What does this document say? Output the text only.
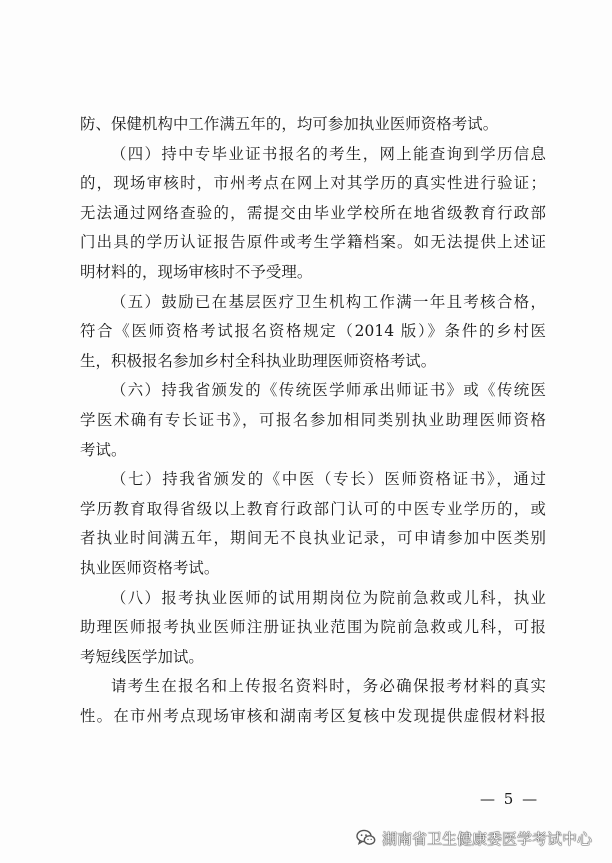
防、保健机构中工作满五年的，均可参加执业医师资格考试。
（四）持中专毕业证书报名的考生，网上能查询到学历信息
的，现场审核时，市州考点在网上对其学历的真实性进行验证；
无法通过网络查验的，需提交由毕业学校所在地省级教育行政部
门出具的学历认证报告原件或考生学籍档案。如无法提供上述证
明材料的，现场审核时不予受理。
（五）鼓励已在基层医疗卫生机构工作满一年且考核合格，
符合《医师资格考试报名资格规定（2014 版）》条件的乡村医
生，积极报名参加乡村全科执业助理医师资格考试。
（六）持我省颁发的《传统医学师承出师证书》或《传统医
学医术确有专长证书》，可报名参加相同类别执业助理医师资格
考试。
（七）持我省颁发的《中医（专长）医师资格证书》，通过
学历教育取得省级以上教育行政部门认可的中医专业学历的，或
者执业时间满五年，期间无不良执业记录，可申请参加中医类别
执业医师资格考试。
（八）报考执业医师的试用期岗位为院前急救或儿科，执业
助理医师报考执业医师注册证执业范围为院前急救或儿科，可报
考短线医学加试。
请考生在报名和上传报名资料时，务必确保报考材料的真实
性。在市州考点现场审核和湖南考区复核中发现提供虚假材料报
— 5 —
湖南省卫生健康委医学考试中心
